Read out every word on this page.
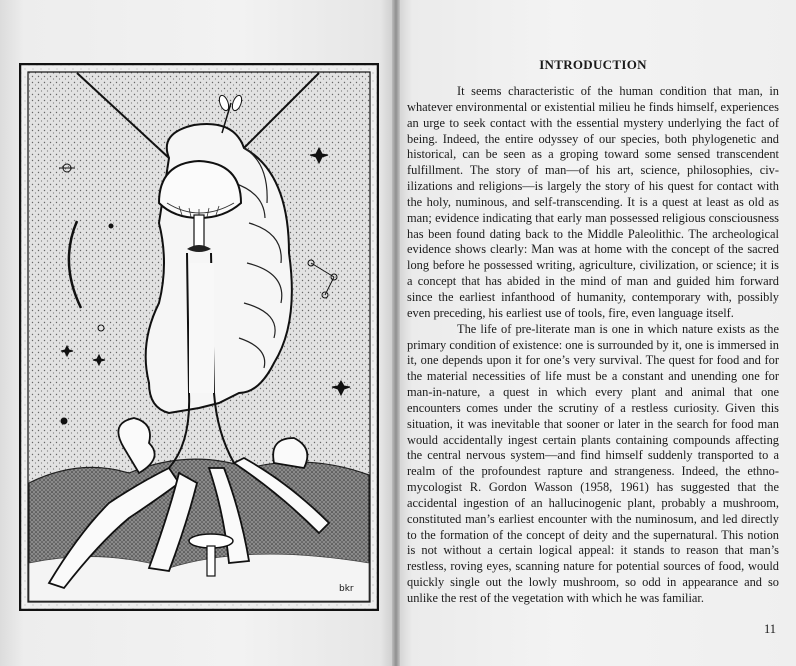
bkr
INTRODUCTION

It seems characteristic of the human condition that man, in whatever environmental or existential milieu he finds himself, experiences an urge to seek contact with the essential mystery underlying the fact of being. Indeed, the entire odyssey of our species, both phylogenetic and historical, can be seen as a groping toward some sensed transcendent fulfillment. The story of man—of his art, science, philosophies, civilizations and religions—is largely the story of his quest for contact with the holy, numinous, and self-transcending. It is a quest at least as old as man; evidence indicating that early man possessed religious consciousness has been found dating back to the Middle Paleolithic. The archeological evidence shows clearly: Man was at home with the concept of the sacred long before he possessed writing, agriculture, civilization, or science; it is a concept that has abided in the mind of man and guided him forward since the earliest infanthood of humanity, contemporary with, possibly even preceding, his earliest use of tools, fire, even language itself.

The life of pre-literate man is one in which nature exists as the primary condition of existence: one is surrounded by it, one is immersed in it, one depends upon it for one’s very survival. The quest for food and for the material necessities of life must be a constant and unending one for man-in-nature, a quest in which every plant and animal that one encounters comes under the scrutiny of a restless curiosity. Given this situation, it was inevitable that sooner or later in the search for food man would accidentally ingest certain plants containing compounds affecting the central nervous system—and find himself suddenly transported to a realm of the profoundest rapture and strangeness. Indeed, the ethno-mycologist R. Gordon Wasson (1958, 1961) has suggested that the accidental ingestion of an hallucinogenic plant, probably a mushroom, constituted man’s earliest encounter with the numinosum, and led directly to the formation of the concept of deity and the supernatural. This notion is not without a certain logical appeal: it stands to reason that man’s restless, roving eyes, scanning nature for potential sources of food, would quickly single out the lowly mushroom, so odd in appearance and so unlike the rest of the vegetation with which he was familiar.

11
